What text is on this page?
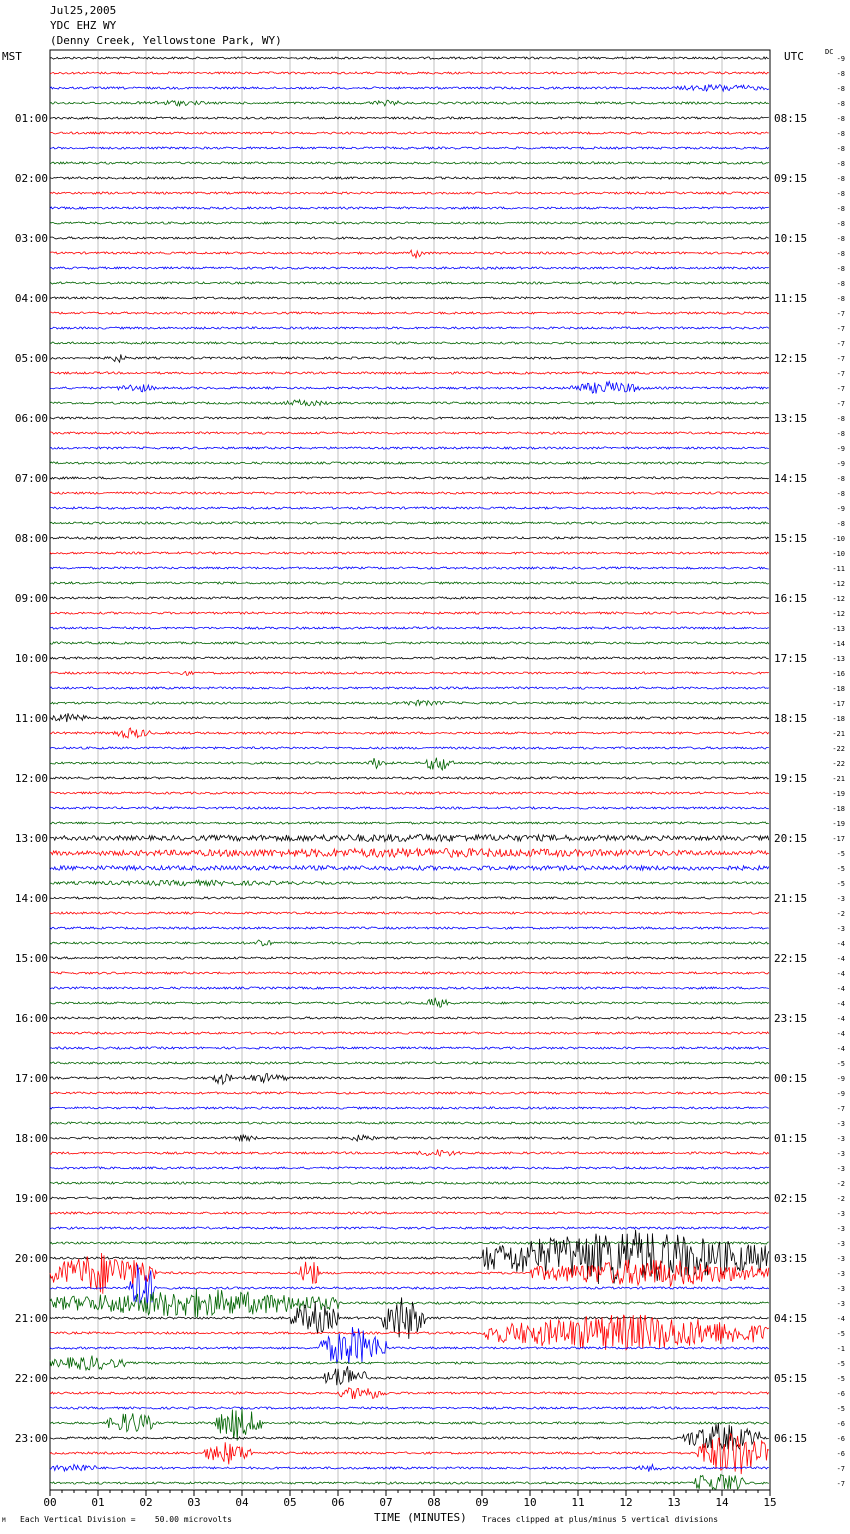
Jul25,2005
YDC EHZ WY
(Denny Creek, Yellowstone Park, WY)
MST	UTC	DC
-9
-8
-8
-8
-8
-8
-8
-8
-8
-8
-8
-8
-8
-8
-8
-8
-8
-7
-7
-7
-7
-7
-7
-7
-8
-8
-9
-9
-8
-8
-9
-8
-10
-10
-11
-12
-12
-12
-13
-14
-13
-16
-18
-17
-18
-21
-22
-22
-21
-19
-18
-19
-17
-5
-5
-5
-3
-2
-3
-4
-4
-4
-4
-4
-4
-4
-4
-5
-9
-9
-7
-3
-3
-3
-3
-2
-2
-3
-3
-3
-3
-3
-3
-3
-4
-5
-1
-5
-5
-6
-5
-6
-6
-6
-7
-7
01:00
02:00
03:00
04:00
05:00
06:00
07:00
08:00
09:00
10:00
11:00
12:00
13:00
14:00
15:00
16:00
17:00
18:00
19:00
20:00
21:00
22:00
23:00
08:15
09:15
10:15
11:15
12:15
13:15
14:15
15:15
16:15
17:15
18:15
19:15
20:15
21:15
22:15
23:15
00:15
01:15
02:15
03:15
04:15
05:15
06:15
00	01	02	03	04	05	06	07	08	09	10	11	12	13	14	15
M Each Vertical Division =    50.00 microvolts	TIME (MINUTES) Traces clipped at plus/minus 5 vertical divisions
